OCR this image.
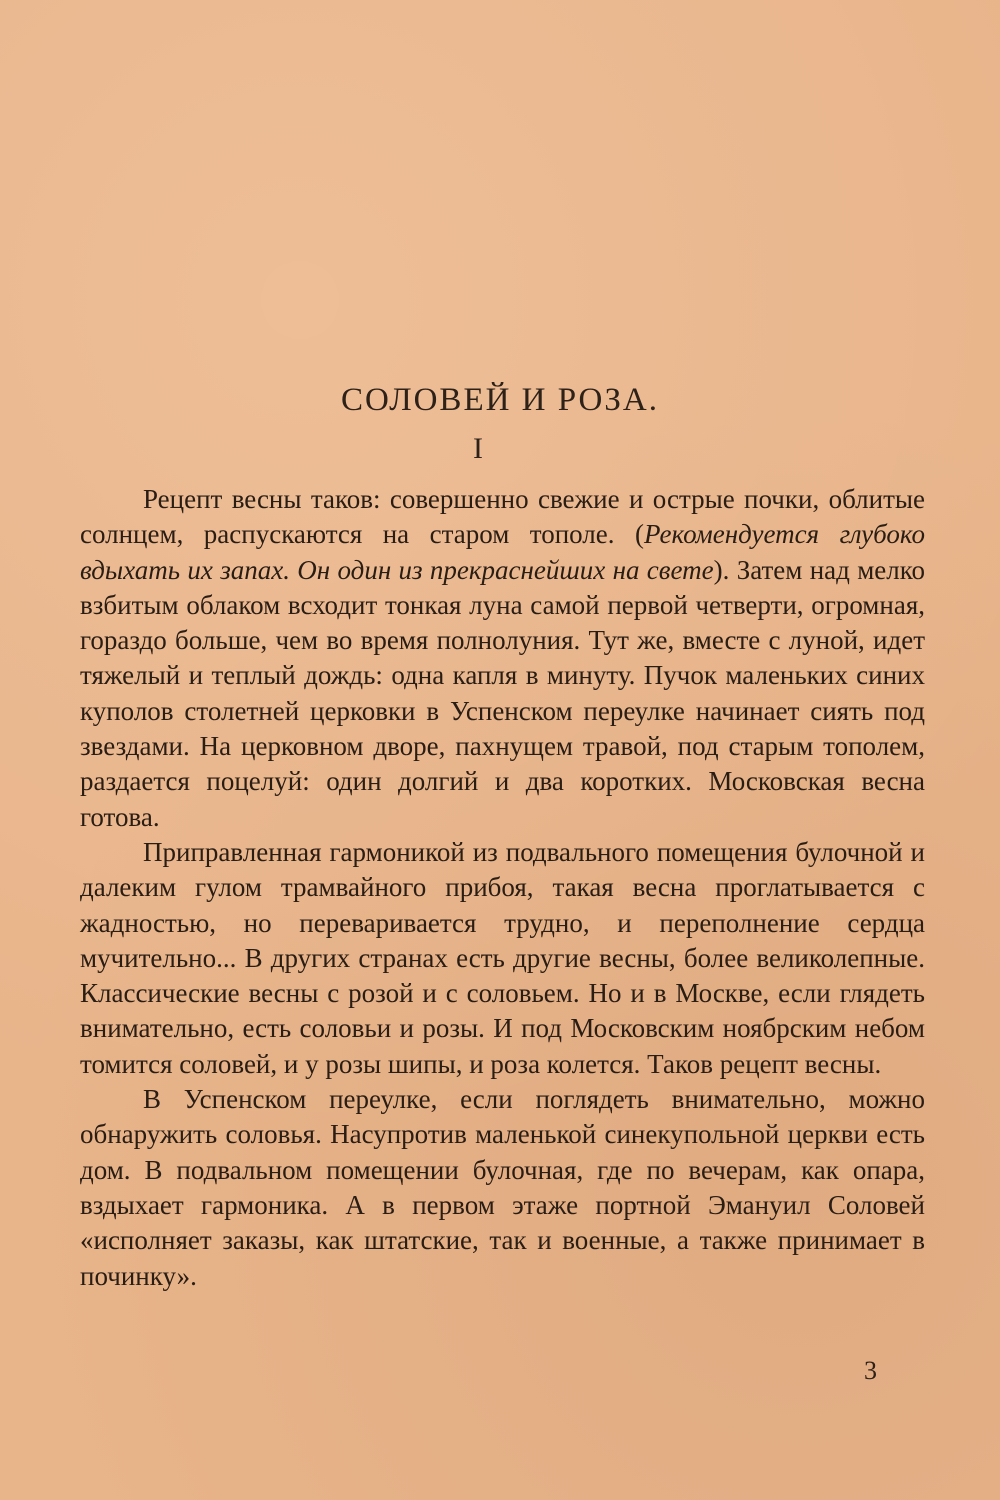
СОЛОВЕЙ И РОЗА.
I

Рецепт весны таков: совершенно свежие и острые почки, облитые солнцем, распускаются на старом тополе. (Рекомендуется глубоко вдыхать их запах. Он один из прекраснейших на свете). Затем над мелко взбитым облаком всходит тонкая луна самой первой четверти, огромная, гораздо больше, чем во время полнолуния. Тут же, вместе с луной, идет тяжелый и теплый дождь: одна капля в минуту. Пучок маленьких синих куполов столетней церковки в Успенском переулке начинает сиять под звездами. На церковном дворе, пахнущем травой, под старым тополем, раздается поцелуй: один долгий и два коротких. Московская весна готова.

Приправленная гармоникой из подвального помещения булочной и далеким гулом трамвайного прибоя, такая весна проглатывается с жадностью, но переваривается трудно, и переполнение сердца мучительно... В других странах есть другие весны, более великолепные. Классические весны с розой и с соловьем. Но и в Москве, если глядеть внимательно, есть соловьи и розы. И под Московским ноябрским небом томится соловей, и у розы шипы, и роза колется. Таков рецепт весны.

В Успенском переулке, если поглядеть внимательно, можно обнаружить соловья. Насупротив маленькой синекупольной церкви есть дом. В подвальном помещении булочная, где по вечерам, как опара, вздыхает гармоника. А в первом этаже портной Эмануил Соловей «исполняет заказы, как штатские, так и военные, а также принимает в починку».

3
